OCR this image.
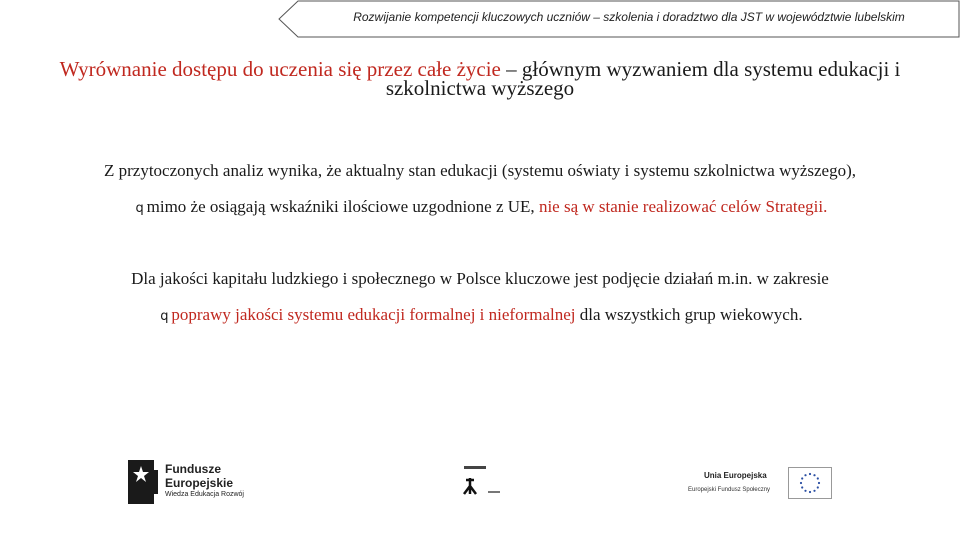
Rozwijanie kompetencji kluczowych uczniów – szkolenia i doradztwo dla JST w województwie lubelskim
Wyrównanie dostępu do uczenia się przez całe życie – głównym wyzwaniem dla systemu edukacji i szkolnictwa wyższego
Z przytoczonych analiz wynika, że aktualny stan edukacji (systemu oświaty i systemu szkolnictwa wyższego),
q mimo że osiągają wskaźniki ilościowe uzgodnione z UE, nie są w stanie realizować celów Strategii.
Dla jakości kapitału ludzkiego i społecznego w Polsce kluczowe jest podjęcie działań m.in. w zakresie
q poprawy jakości systemu edukacji formalnej i nieformalnej dla wszystkich grup wiekowych.
Fundusze
Europejskie
Wiedza Edukacja Rozwój
Unia Europejska
Europejski Fundusz Społeczny
